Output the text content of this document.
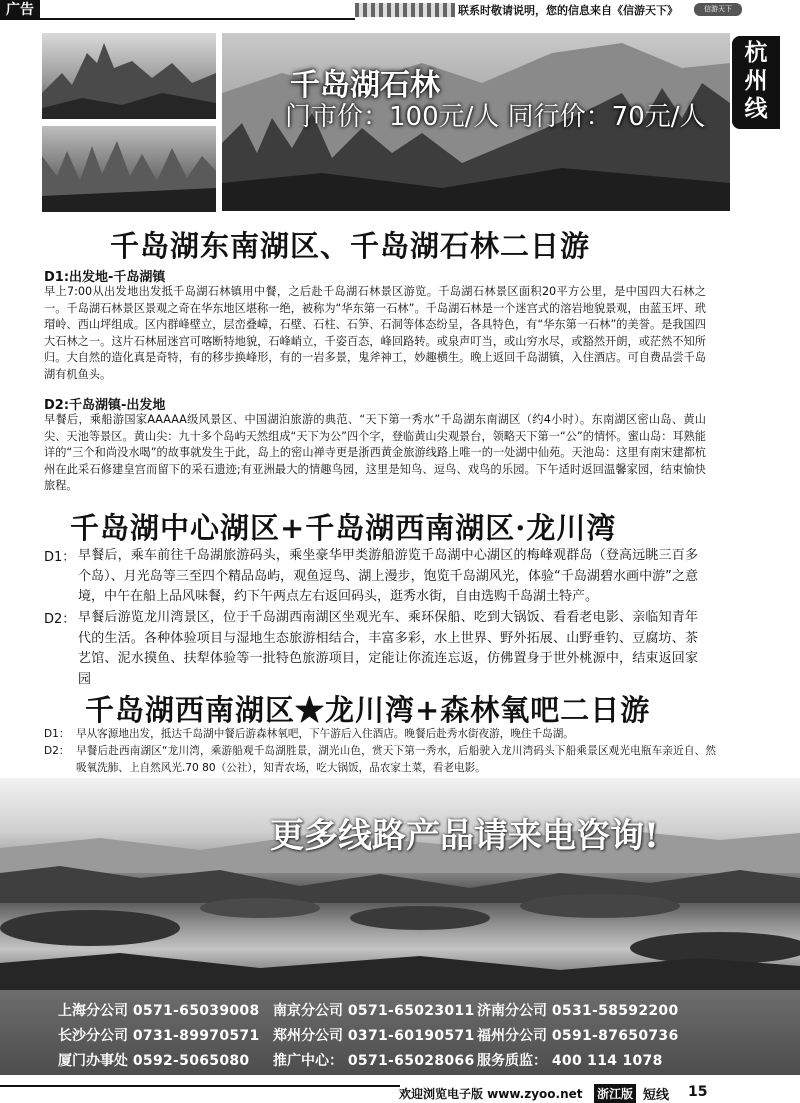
广告	联系时敬请说明，您的信息来自《信游天下》	信游天下
千岛湖石林
门市价：100元/人 同行价：70元/人
杭
州
线
千岛湖东南湖区、千岛湖石林二日游
D1:出发地-千岛湖镇
早上7:00从出发地出发抵千岛湖石林镇用中餐，之后赴千岛湖石林景区游览。千岛湖石林景区面积20平方公里，是中国四大石林之一。千岛湖石林景区景观之奇在华东地区堪称一绝，被称为“华东第一石林”。千岛湖石林是一个迷宫式的溶岩地貌景观，由蓝玉坪、玳瑁岭、西山坪组成。区内群峰壁立，层峦叠嶂，石壁、石柱、石笋、石洞等体态纷呈，各具特色，有“华东第一石林”的美誉。是我国四大石林之一。这片石林屈迷宫可喀断特地貌，石峰峭立，千姿百态，峰回路转。或泉声叮当，或山穷水尽，或豁然开朗，或茫然不知所归。大自然的造化真是奇特，有的移步换峰形，有的一岩多景，鬼斧神工，妙趣横生。晚上返回千岛湖镇，入住酒店。可自费品尝千岛湖有机鱼头。
D2:千岛湖镇-出发地
早餐后，乘船游国家AAAAA级风景区、中国湖泊旅游的典范、“天下第一秀水”千岛湖东南湖区（约4小时）。东南湖区密山岛、黄山尖、天池等景区。黄山尖：九十多个岛屿天然组成“天下为公”四个字，登临黄山尖观景台，领略天下第一“公”的情怀。蜜山岛：耳熟能详的“三个和尚没水喝”的故事就发生于此，岛上的密山禅寺更是浙西黄金旅游线路上唯一的一处湖中仙苑。天池岛：这里有南宋建都杭州在此采石修建皇宫而留下的采石遗迹;有亚洲最大的情趣鸟园，这里是知鸟、逗鸟、戏鸟的乐园。下午适时返回温馨家园，结束愉快旅程。
千岛湖中心湖区+千岛湖西南湖区·龙川湾
D1： 早餐后，乘车前往千岛湖旅游码头，乘坐豪华甲类游船游览千岛湖中心湖区的梅峰观群岛（登高远眺三百多个岛）、月光岛等三至四个精品岛屿，观鱼逗鸟、湖上漫步，饱览千岛湖风光，体验“千岛湖碧水画中游”之意境，中午在船上品风味餐，约下午两点左右返回码头，逛秀水街，自由选购千岛湖土特产。
D2： 早餐后游览龙川湾景区，位于千岛湖西南湖区坐观光车、乘环保船、吃到大锅饭、看看老电影、亲临知青年代的生活。各种体验项目与湿地生态旅游相结合，丰富多彩，水上世界、野外拓展、山野垂钓、豆腐坊、茶艺馆、泥水摸鱼、扶犁体验等一批特色旅游项目，定能让你流连忘返，仿佛置身于世外桃源中，结束返回家园
千岛湖西南湖区★龙川湾+森林氧吧二日游
D1： 早从客源地出发，抵达千岛湖中餐后游森林氧吧，下午游后入住酒店。晚餐后赴秀水街夜游，晚住千岛湖。
D2： 早餐后赴西南湖区“龙川湾，乘游船观千岛湖胜景，湖光山色，赏天下第一秀水，后船驶入龙川湾码头下船乘景区观光电瓶车亲近自、然吸氧洗肺、上自然风光.70 80（公社），知青农场，吃大锅饭，品农家土菜，看老电影。
更多线路产品请来电咨询!
上海分公司 0571-65039008 南京分公司 0571-65023011 济南分公司 0531-58592200
长沙分公司 0731-89970571 郑州分公司 0371-60190571 福州分公司 0591-87650736
厦门办事处 0592-5065080 推广中心： 0571-65028066 服务质监： 400 114 1078
欢迎浏览电子版 www.zyoo.net 浙江版 短线 15
